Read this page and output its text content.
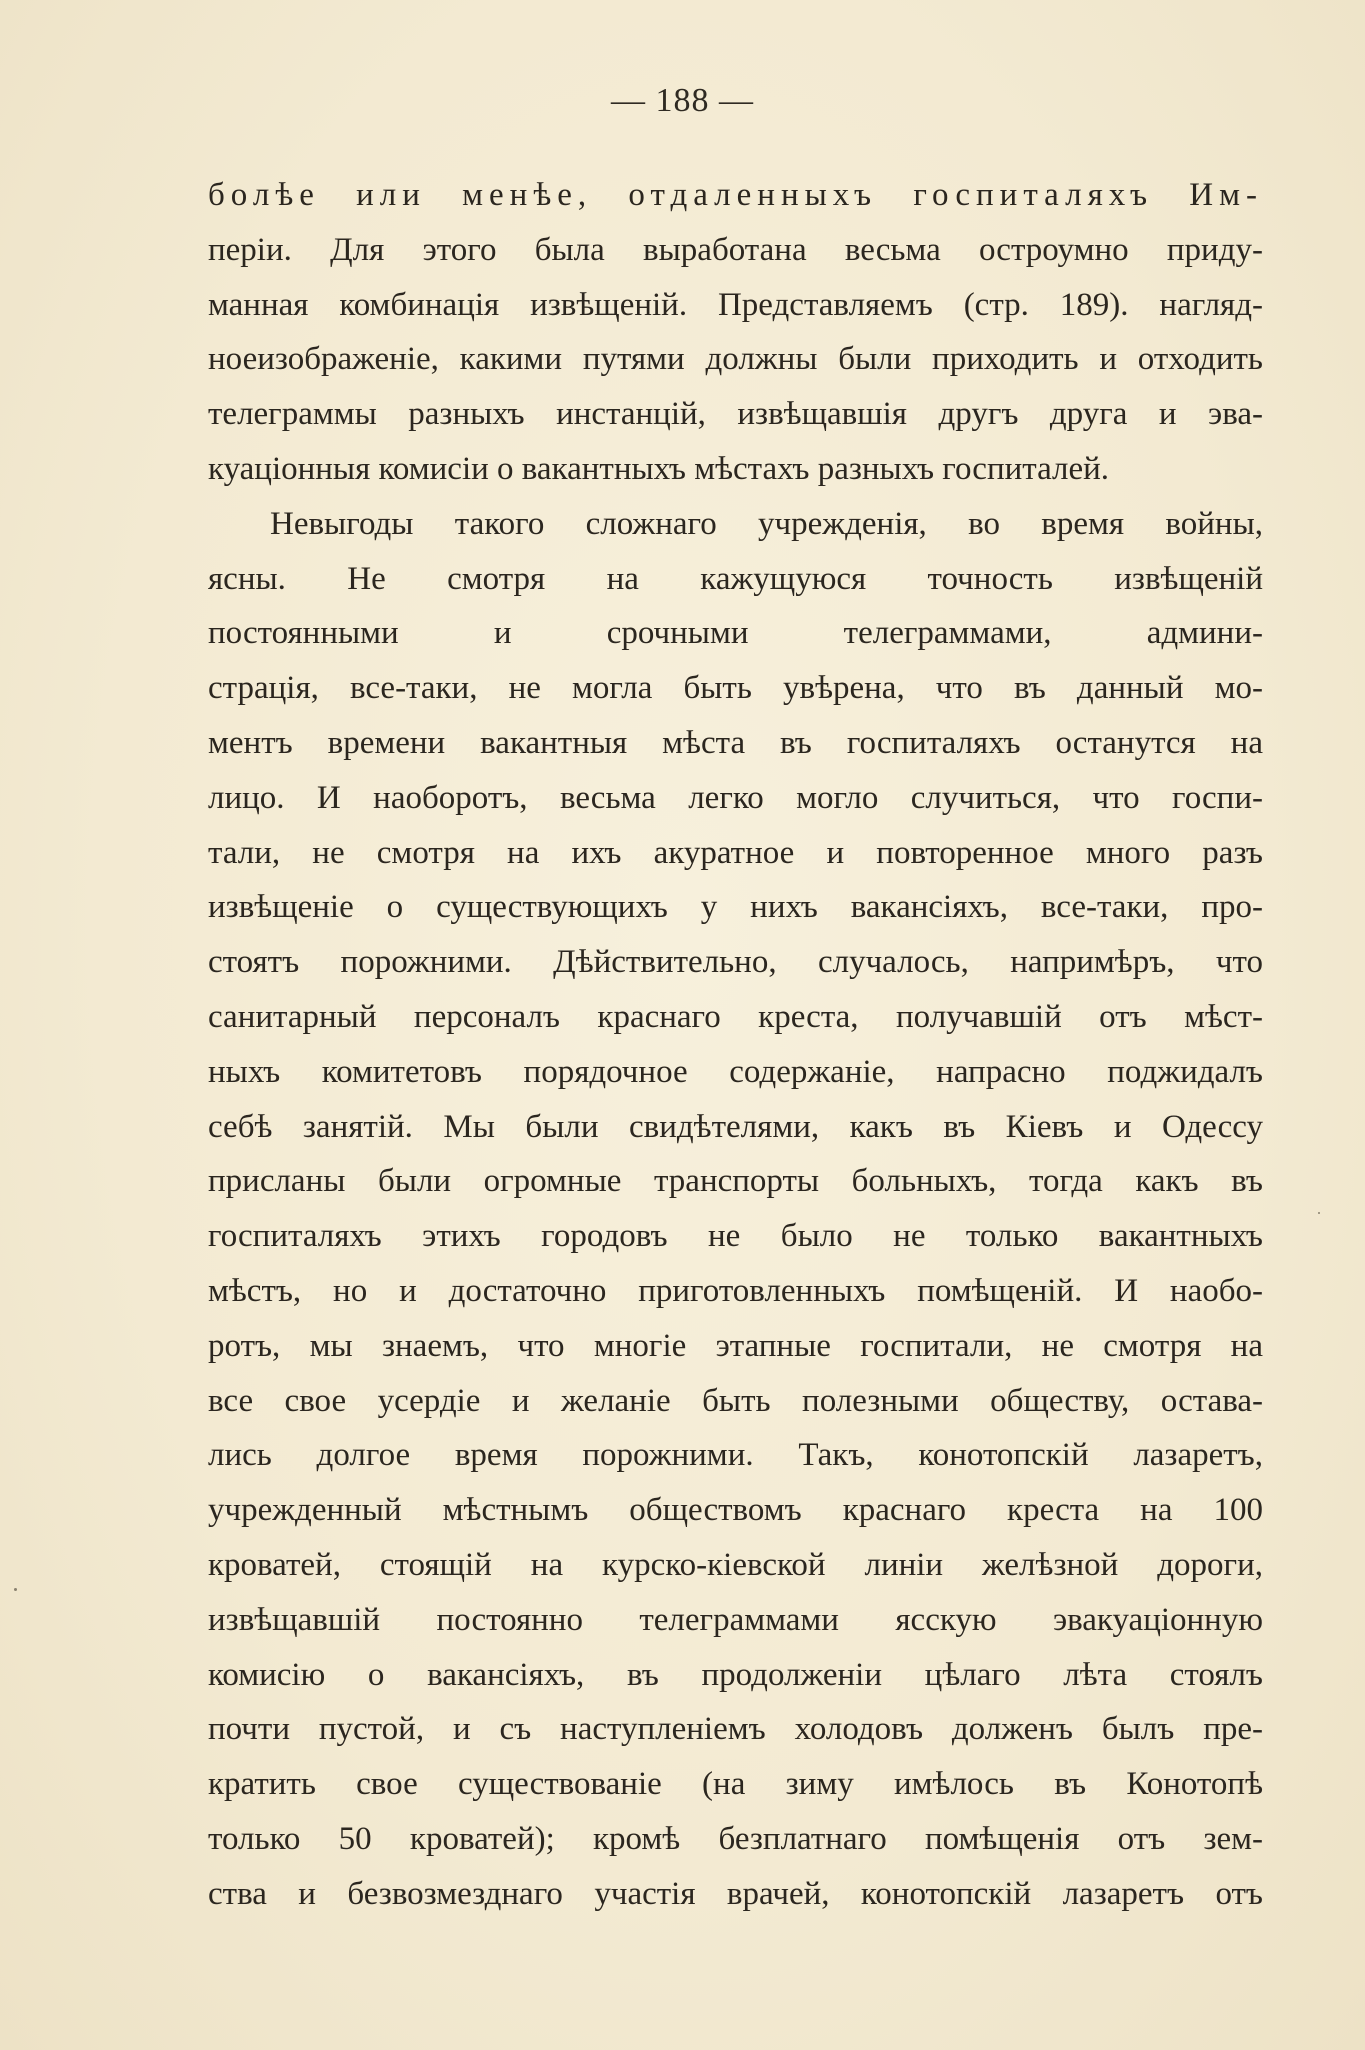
— 188 —
болѣе или менѣе, отдаленныхъ госпиталяхъ Им-
періи. Для этого была выработана весьма остроумно приду-
манная комбинація извѣщеній. Представляемъ (стр. 189). нагляд-
ноеизображеніе, какими путями должны были приходить и отходить
телеграммы разныхъ инстанцій, извѣщавшія другъ друга и эва-
куаціонныя комисіи о вакантныхъ мѣстахъ разныхъ госпиталей.
Невыгоды такого сложнаго учрежденія, во время войны,
ясны. Не смотря на кажущуюся точность извѣщеній
постоянными и срочными телеграммами, админи-
страція, все-таки, не могла быть увѣрена, что въ данный мо-
ментъ времени вакантныя мѣста въ госпиталяхъ останутся на
лицо. И наоборотъ, весьма легко могло случиться, что госпи-
тали, не смотря на ихъ акуратное и повторенное много разъ
извѣщеніе о существующихъ у нихъ вакансіяхъ, все-таки, про-
стоятъ порожними. Дѣйствительно, случалось, напримѣръ, что
санитарный персоналъ краснаго креста, получавшій отъ мѣст-
ныхъ комитетовъ порядочное содержаніе, напрасно поджидалъ
себѣ занятій. Мы были свидѣтелями, какъ въ Кіевъ и Одессу
присланы были огромные транспорты больныхъ, тогда какъ въ
госпиталяхъ этихъ городовъ не было не только вакантныхъ
мѣстъ, но и достаточно приготовленныхъ помѣщеній. И наобо-
ротъ, мы знаемъ, что многіе этапные госпитали, не смотря на
все свое усердіе и желаніе быть полезными обществу, остава-
лись долгое время порожними. Такъ, конотопскій лазаретъ,
учрежденный мѣстнымъ обществомъ краснаго креста на 100
кроватей, стоящій на курско-кіевской линіи желѣзной дороги,
извѣщавшій постоянно телеграммами ясскую эвакуаціонную
комисію о вакансіяхъ, въ продолженіи цѣлаго лѣта стоялъ
почти пустой, и съ наступленіемъ холодовъ долженъ былъ пре-
кратить свое существованіе (на зиму имѣлось въ Конотопѣ
только 50 кроватей); кромѣ безплатнаго помѣщенія отъ зем-
ства и безвозмезднаго участія врачей, конотопскій лазаретъ отъ
